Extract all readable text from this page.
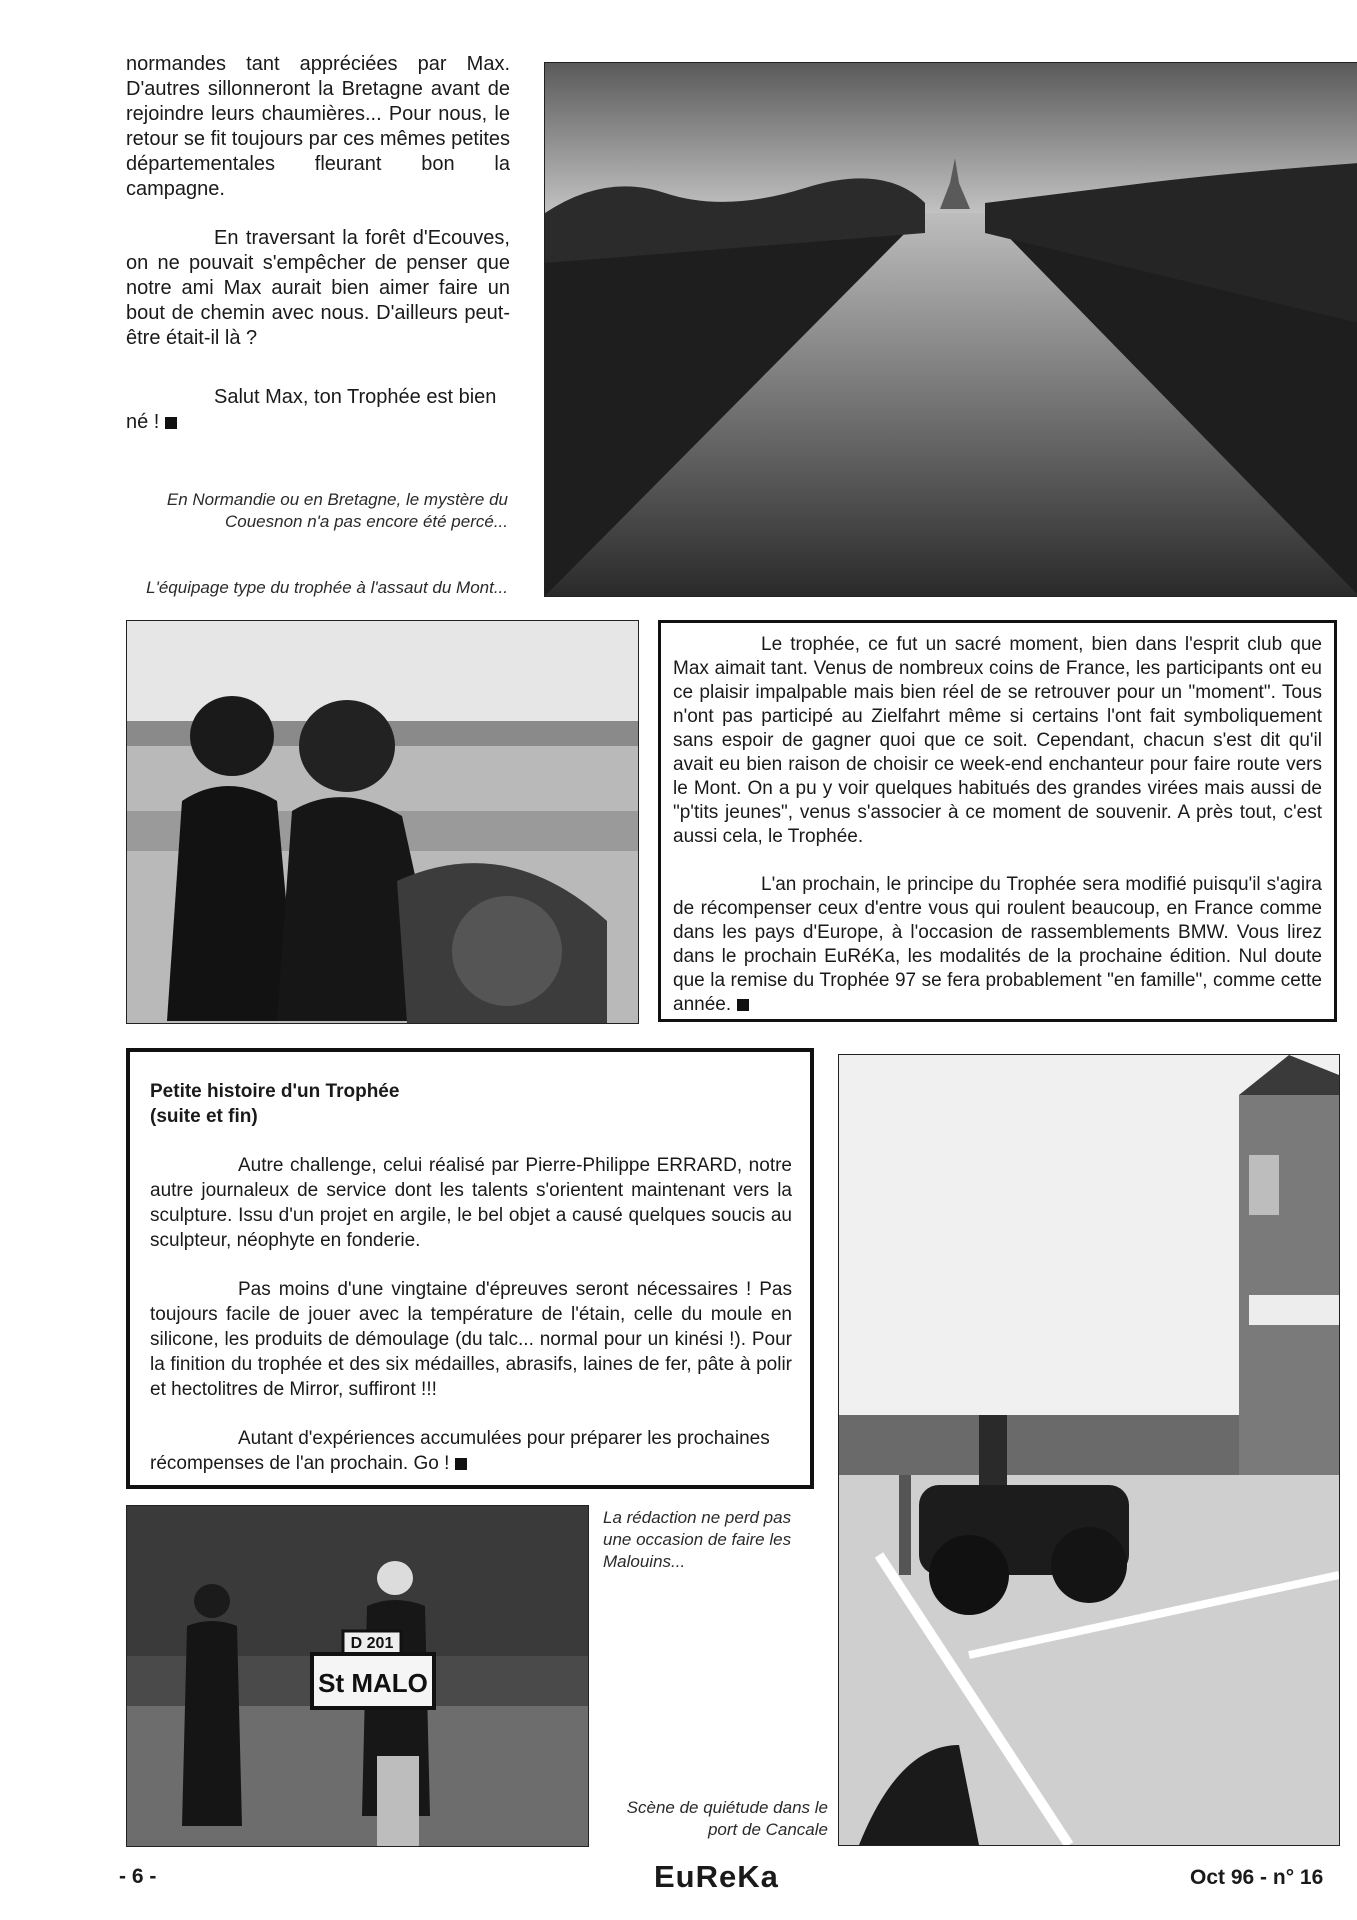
normandes tant appréciées par Max. D'autres sillonneront la Bretagne avant de rejoindre leurs chaumières... Pour nous, le retour se fit toujours par ces mêmes petites départementales fleurant bon la campagne.

En traversant la forêt d'Ecouves, on ne pouvait s'empêcher de penser que notre ami Max aurait bien aimer faire un bout de chemin avec nous. D'ailleurs peut-être était-il là ?

Salut Max, ton Trophée est bien né !

En Normandie ou en Bretagne, le mystère du Couesnon n'a pas encore été percé...
L'équipage type du trophée à l'assaut du Mont...

Le trophée, ce fut un sacré moment, bien dans l'esprit club que Max aimait tant. Venus de nombreux coins de France, les participants ont eu ce plaisir impalpable mais bien réel de se retrouver pour un "moment". Tous n'ont pas participé au Zielfahrt même si certains l'ont fait symboliquement sans espoir de gagner quoi que ce soit. Cependant, chacun s'est dit qu'il avait eu bien raison de choisir ce week-end enchanteur pour faire route vers le Mont. On a pu y voir quelques habitués des grandes virées mais aussi de "p'tits jeunes", venus s'associer à ce moment de souvenir. A près tout, c'est aussi cela, le Trophée.

L'an prochain, le principe du Trophée sera modifié puisqu'il s'agira de récompenser ceux d'entre vous qui roulent beaucoup, en France comme dans les pays d'Europe, à l'occasion de rassemblements BMW. Vous lirez dans le prochain EuRéKa, les modalités de la prochaine édition. Nul doute que la remise du Trophée 97 se fera probablement "en famille", comme cette année.

Petite histoire d'un Trophée
(suite et fin)

Autre challenge, celui réalisé par Pierre-Philippe ERRARD, notre autre journaleux de service dont les talents s'orientent maintenant vers la sculpture. Issu d'un projet en argile, le bel objet a causé quelques soucis au sculpteur, néophyte en fonderie.

Pas moins d'une vingtaine d'épreuves seront nécessaires ! Pas toujours facile de jouer avec la température de l'étain, celle du moule en silicone, les produits de démoulage (du talc... normal pour un kinési !). Pour la finition du trophée et des six médailles, abrasifs, laines de fer, pâte à polir et hectolitres de Mirror, suffiront !!!

Autant d'expériences accumulées pour préparer les prochaines récompenses de l'an prochain. Go !

D 201
St MALO
La rédaction ne perd pas une occasion de faire les Malouins...
Scène de quiétude dans le port de Cancale
- 6 -	EuReKa	Oct 96 - n° 16
